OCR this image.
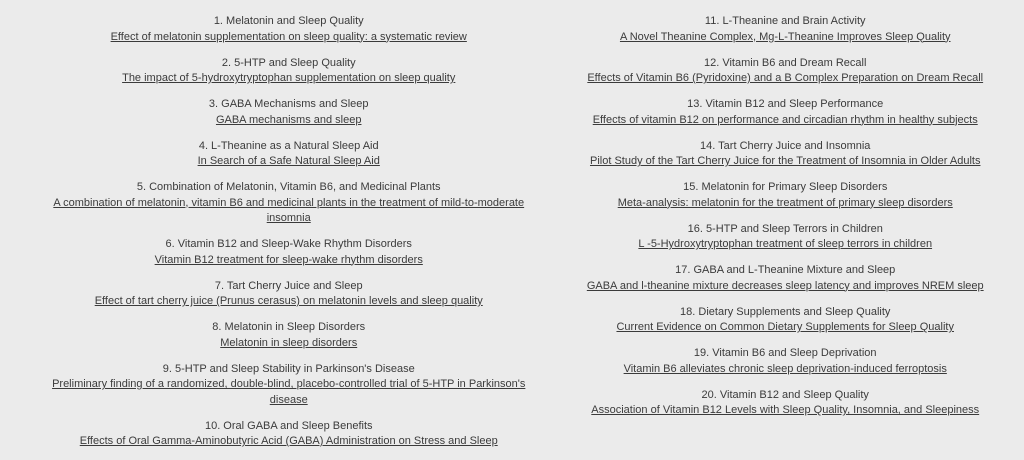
1. Melatonin and Sleep Quality
Effect of melatonin supplementation on sleep quality: a systematic review
2. 5-HTP and Sleep Quality
The impact of 5-hydroxytryptophan supplementation on sleep quality
3. GABA Mechanisms and Sleep
GABA mechanisms and sleep
4. L-Theanine as a Natural Sleep Aid
In Search of a Safe Natural Sleep Aid
5. Combination of Melatonin, Vitamin B6, and Medicinal Plants
A combination of melatonin, vitamin B6 and medicinal plants in the treatment of mild-to-moderate insomnia
6. Vitamin B12 and Sleep-Wake Rhythm Disorders
Vitamin B12 treatment for sleep-wake rhythm disorders
7. Tart Cherry Juice and Sleep
Effect of tart cherry juice (Prunus cerasus) on melatonin levels and sleep quality
8. Melatonin in Sleep Disorders
Melatonin in sleep disorders
9. 5-HTP and Sleep Stability in Parkinson's Disease
Preliminary finding of a randomized, double-blind, placebo-controlled trial of 5-HTP in Parkinson's disease
10. Oral GABA and Sleep Benefits
Effects of Oral Gamma-Aminobutyric Acid (GABA) Administration on Stress and Sleep
11. L-Theanine and Brain Activity
A Novel Theanine Complex, Mg-L-Theanine Improves Sleep Quality
12. Vitamin B6 and Dream Recall
Effects of Vitamin B6 (Pyridoxine) and a B Complex Preparation on Dream Recall
13. Vitamin B12 and Sleep Performance
Effects of vitamin B12 on performance and circadian rhythm in healthy subjects
14. Tart Cherry Juice and Insomnia
Pilot Study of the Tart Cherry Juice for the Treatment of Insomnia in Older Adults
15. Melatonin for Primary Sleep Disorders
Meta-analysis: melatonin for the treatment of primary sleep disorders
16. 5-HTP and Sleep Terrors in Children
L -5-Hydroxytryptophan treatment of sleep terrors in children
17. GABA and L-Theanine Mixture and Sleep
GABA and l-theanine mixture decreases sleep latency and improves NREM sleep
18. Dietary Supplements and Sleep Quality
Current Evidence on Common Dietary Supplements for Sleep Quality
19. Vitamin B6 and Sleep Deprivation
Vitamin B6 alleviates chronic sleep deprivation-induced ferroptosis
20. Vitamin B12 and Sleep Quality
Association of Vitamin B12 Levels with Sleep Quality, Insomnia, and Sleepiness
